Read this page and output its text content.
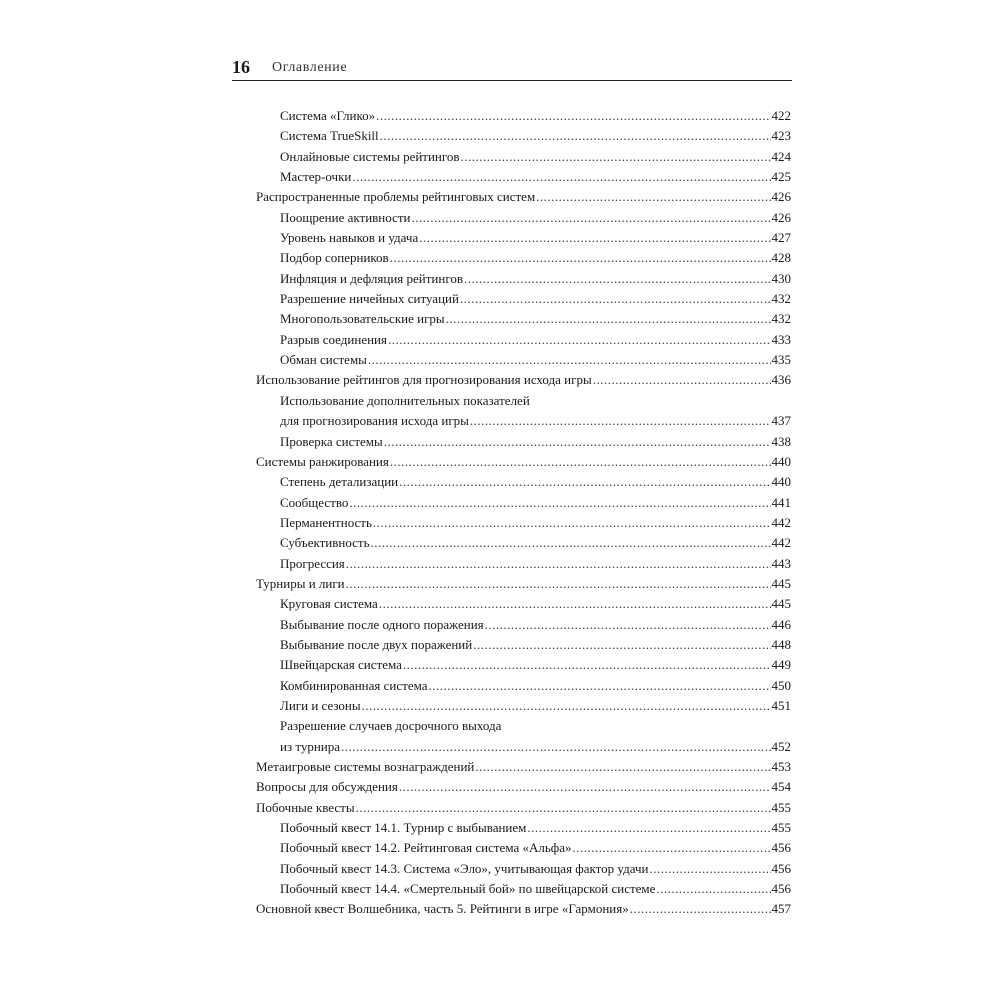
16 Оглавление
Система «Глико» .....	422
Система TrueSkill .....	423
Онлайновые системы рейтингов .....	424
Мастер-очки .....	425
Распространенные проблемы рейтинговых систем .....	426
Поощрение активности .....	426
Уровень навыков и удача .....	427
Подбор соперников .....	428
Инфляция и дефляция рейтингов .....	430
Разрешение ничейных ситуаций .....	432
Многопользовательские игры .....	432
Разрыв соединения .....	433
Обман системы .....	435
Использование рейтингов для прогнозирования исхода игры .....	436
Использование дополнительных показателей
для прогнозирования исхода игры .....	437
Проверка системы .....	438
Системы ранжирования .....	440
Степень детализации .....	440
Сообщество .....	441
Перманентность .....	442
Субъективность .....	442
Прогрессия .....	443
Турниры и лиги .....	445
Круговая система .....	445
Выбывание после одного поражения .....	446
Выбывание после двух поражений .....	448
Швейцарская система .....	449
Комбинированная система .....	450
Лиги и сезоны .....	451
Разрешение случаев досрочного выхода
из турнира .....	452
Метаигровые системы вознаграждений .....	453
Вопросы для обсуждения .....	454
Побочные квесты .....	455
Побочный квест 14.1. Турнир с выбыванием .....	455
Побочный квест 14.2. Рейтинговая система «Альфа» .....	456
Побочный квест 14.3. Система «Эло», учитывающая фактор удачи .....	456
Побочный квест 14.4. «Смертельный бой» по швейцарской системе .....	456
Основной квест Волшебника, часть 5. Рейтинги в игре «Гармония» .....	457
